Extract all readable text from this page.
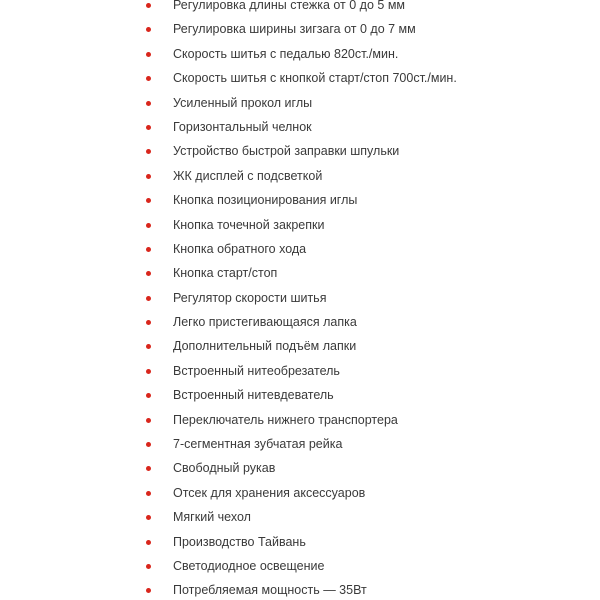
Регулировка длины стежка от 0 до 5 мм
Регулировка ширины зигзага от 0 до 7 мм
Скорость шитья с педалью 820ст./мин.
Скорость шитья с кнопкой старт/стоп 700ст./мин.
Усиленный прокол иглы
Горизонтальный челнок
Устройство быстрой заправки шпульки
ЖК дисплей с подсветкой
Кнопка позиционирования иглы
Кнопка точечной закрепки
Кнопка обратного хода
Кнопка старт/стоп
Регулятор скорости шитья
Легко пристегивающаяся лапка
Дополнительный подъём лапки
Встроенный нитеобрезатель
Встроенный нитевдеватель
Переключатель нижнего транспортера
7-сегментная зубчатая рейка
Свободный рукав
Отсек для хранения аксессуаров
Мягкий чехол
Производство Тайвань
Светодиодное освещение
Потребляемая мощность — 35Вт
